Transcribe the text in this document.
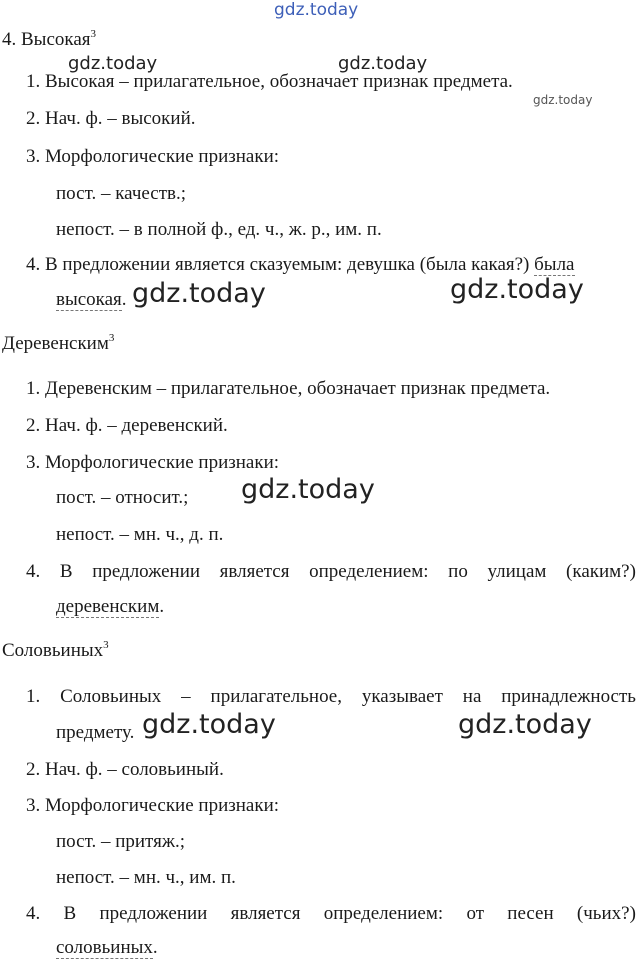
gdz.today
gdz.today	gdz.today
gdz.today
gdz.today	gdz.today
gdz.today
gdz.today	gdz.today
4. Высокая$^3$
1. Высокая – прилагательное, обозначает признак предмета.
2. Нач. ф. – высокий.
3. Морфологические признаки:
пост. – качеств.;
непост. – в полной ф., ед. ч., ж. р., им. п.
4. В предложении является сказуемым: девушка (была какая?) была
высокая.
Деревенским$^3$
1. Деревенским – прилагательное, обозначает признак предмета.
2. Нач. ф. – деревенский.
3. Морфологические признаки:
пост. – относит.;
непост. – мн. ч., д. п.
4. В предложении является определением: по улицам (каким?)
деревенским.
Соловьиных$^3$
1. Соловьиных – прилагательное, указывает на принадлежность
предмету.
2. Нач. ф. – соловьиный.
3. Морфологические признаки:
пост. – притяж.;
непост. – мн. ч., им. п.
4. В предложении является определением: от песен (чьих?)
соловьиных.
